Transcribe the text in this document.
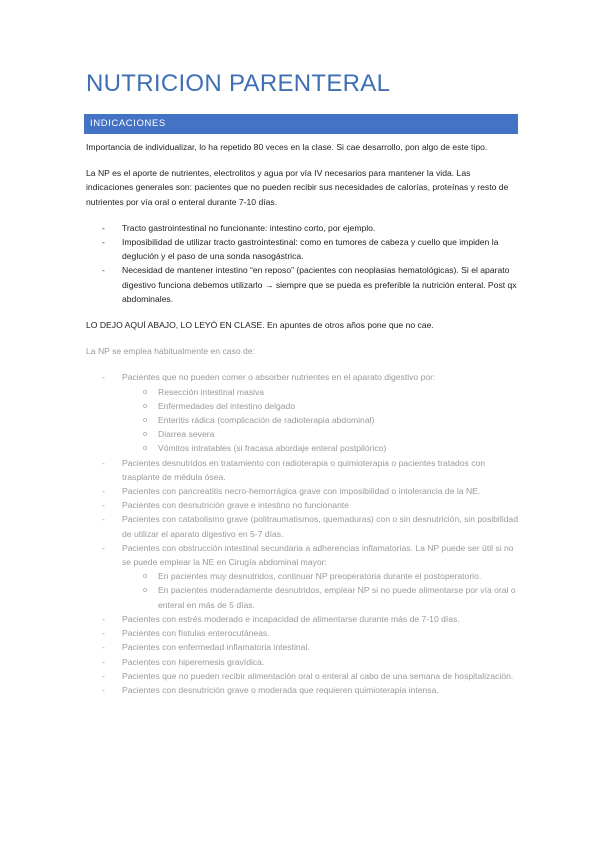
NUTRICION PARENTERAL
INDICACIONES

Importancia de individualizar, lo ha repetido 80 veces en la clase. Si cae desarrollo, pon algo de este tipo.

La NP es el aporte de nutrientes, electrolitos y agua por vía IV necesarios para mantener la vida. Las indicaciones generales son: pacientes que no pueden recibir sus necesidades de calorías, proteínas y resto de nutrientes por vía oral o enteral durante 7-10 días.

- Tracto gastrointestinal no funcionante: intestino corto, por ejemplo.
- Imposibilidad de utilizar tracto gastrointestinal: como en tumores de cabeza y cuello que impiden la deglución y el paso de una sonda nasogástrica.
- Necesidad de mantener intestino “en reposo” (pacientes con neoplasias hematológicas). Si el aparato digestivo funciona debemos utilizarlo → siempre que se pueda es preferible la nutrición enteral. Post qx abdominales.

LO DEJO AQUÍ ABAJO, LO LEYÓ EN CLASE. En apuntes de otros años pone que no cae.

La NP se emplea habitualmente en caso de:

- Pacientes que no pueden comer o absorber nutrientes en el aparato digestivo por:
o Resección intestinal masiva
o Enfermedades del intestino delgado
o Enteritis rádica (complicación de radioterapia abdominal)
o Diarrea severa
o Vómitos intratables (si fracasa abordaje enteral postpilórico)
- Pacientes desnutridos en tratamiento con radioterapia o quimioterapia o pacientes tratados con trasplante de médula ósea.
- Pacientes con pancreatitis necro-hemorrágica grave con imposibilidad o intolerancia de la NE.
- Pacientes con desnutrición grave e intestino no funcionante
- Pacientes con catabolismo grave (politraumatismos, quemaduras) con o sin desnutrición, sin posibilidad de utilizar el aparato digestivo en 5-7 días.
- Pacientes con obstrucción intestinal secundaria a adherencias inflamatorias. La NP puede ser útil si no se puede emplear la NE en Cirugía abdominal mayor:
o En pacientes muy desnutridos, continuar NP preoperatoria durante el postoperatorio.
o En pacientes moderadamente desnutridos, emplear NP si no puede alimentarse por vía oral o enteral en más de 5 días.
- Pacientes con estrés moderado e incapacidad de alimentarse durante más de 7-10 días.
- Pacientes con fístulas enterocutáneas.
- Pacientes con enfermedad inflamatoria intestinal.
- Pacientes con hiperemesis gravídica.
- Pacientes que no pueden recibir alimentación oral o enteral al cabo de una semana de hospitalización.
- Pacientes con desnutrición grave o moderada que requieren quimioterapia intensa.
